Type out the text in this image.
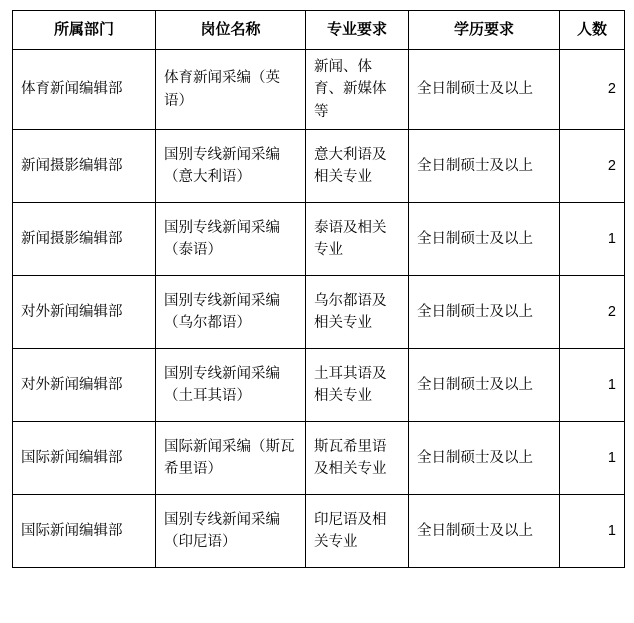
所属部门	岗位名称	专业要求	学历要求	人数
体育新闻编辑部	体育新闻采编（英语）	新闻、体育、新媒体等	全日制硕士及以上	2
新闻摄影编辑部	国别专线新闻采编（意大利语）	意大利语及相关专业	全日制硕士及以上	2
新闻摄影编辑部	国别专线新闻采编（泰语）	泰语及相关专业	全日制硕士及以上	1
对外新闻编辑部	国别专线新闻采编（乌尔都语）	乌尔都语及相关专业	全日制硕士及以上	2
对外新闻编辑部	国别专线新闻采编（土耳其语）	土耳其语及相关专业	全日制硕士及以上	1
国际新闻编辑部	国际新闻采编（斯瓦希里语）	斯瓦希里语及相关专业	全日制硕士及以上	1
国际新闻编辑部	国别专线新闻采编（印尼语）	印尼语及相关专业	全日制硕士及以上	1
